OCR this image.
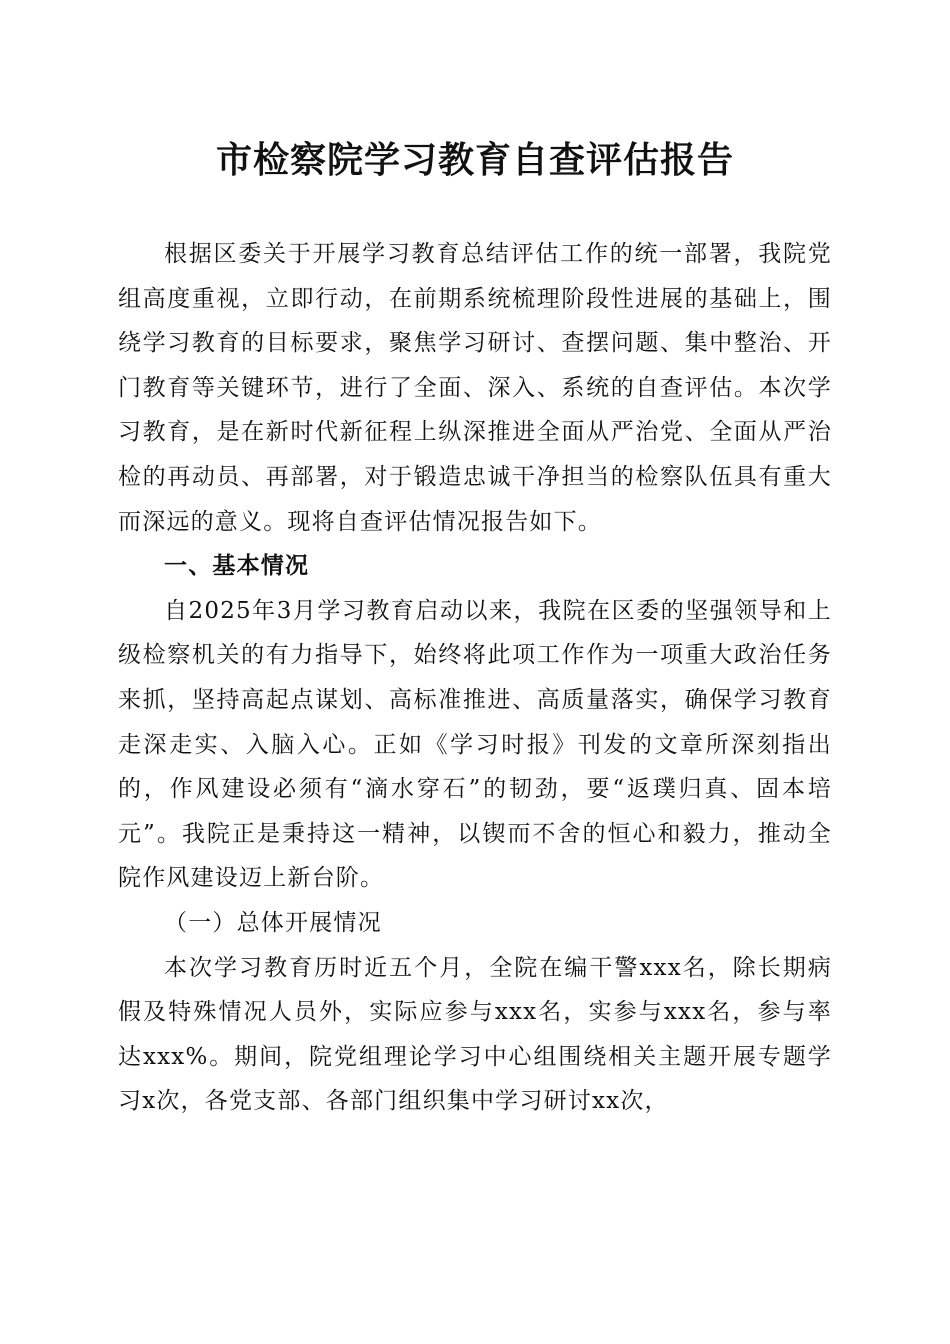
市检察院学习教育自查评估报告

根据区委关于开展学习教育总结评估工作的统一部署，我院党组高度重视，立即行动，在前期系统梳理阶段性进展的基础上，围绕学习教育的目标要求，聚焦学习研讨、查摆问题、集中整治、开门教育等关键环节，进行了全面、深入、系统的自查评估。本次学习教育，是在新时代新征程上纵深推进全面从严治党、全面从严治检的再动员、再部署，对于锻造忠诚干净担当的检察队伍具有重大而深远的意义。现将自查评估情况报告如下。

一、基本情况

自2025年3月学习教育启动以来，我院在区委的坚强领导和上级检察机关的有力指导下，始终将此项工作作为一项重大政治任务来抓，坚持高起点谋划、高标准推进、高质量落实，确保学习教育走深走实、入脑入心。正如《学习时报》刊发的文章所深刻指出的，作风建设必须有“滴水穿石”的韧劲，要“返璞归真、固本培元”。我院正是秉持这一精神，以锲而不舍的恒心和毅力，推动全院作风建设迈上新台阶。

（一）总体开展情况

本次学习教育历时近五个月，全院在编干警xxx名，除长期病假及特殊情况人员外，实际应参与xxx名，实参与xxx名，参与率达xxx%。期间，院党组理论学习中心组围绕相关主题开展专题学习x次，各党支部、各部门组织集中学习研讨xx次，
